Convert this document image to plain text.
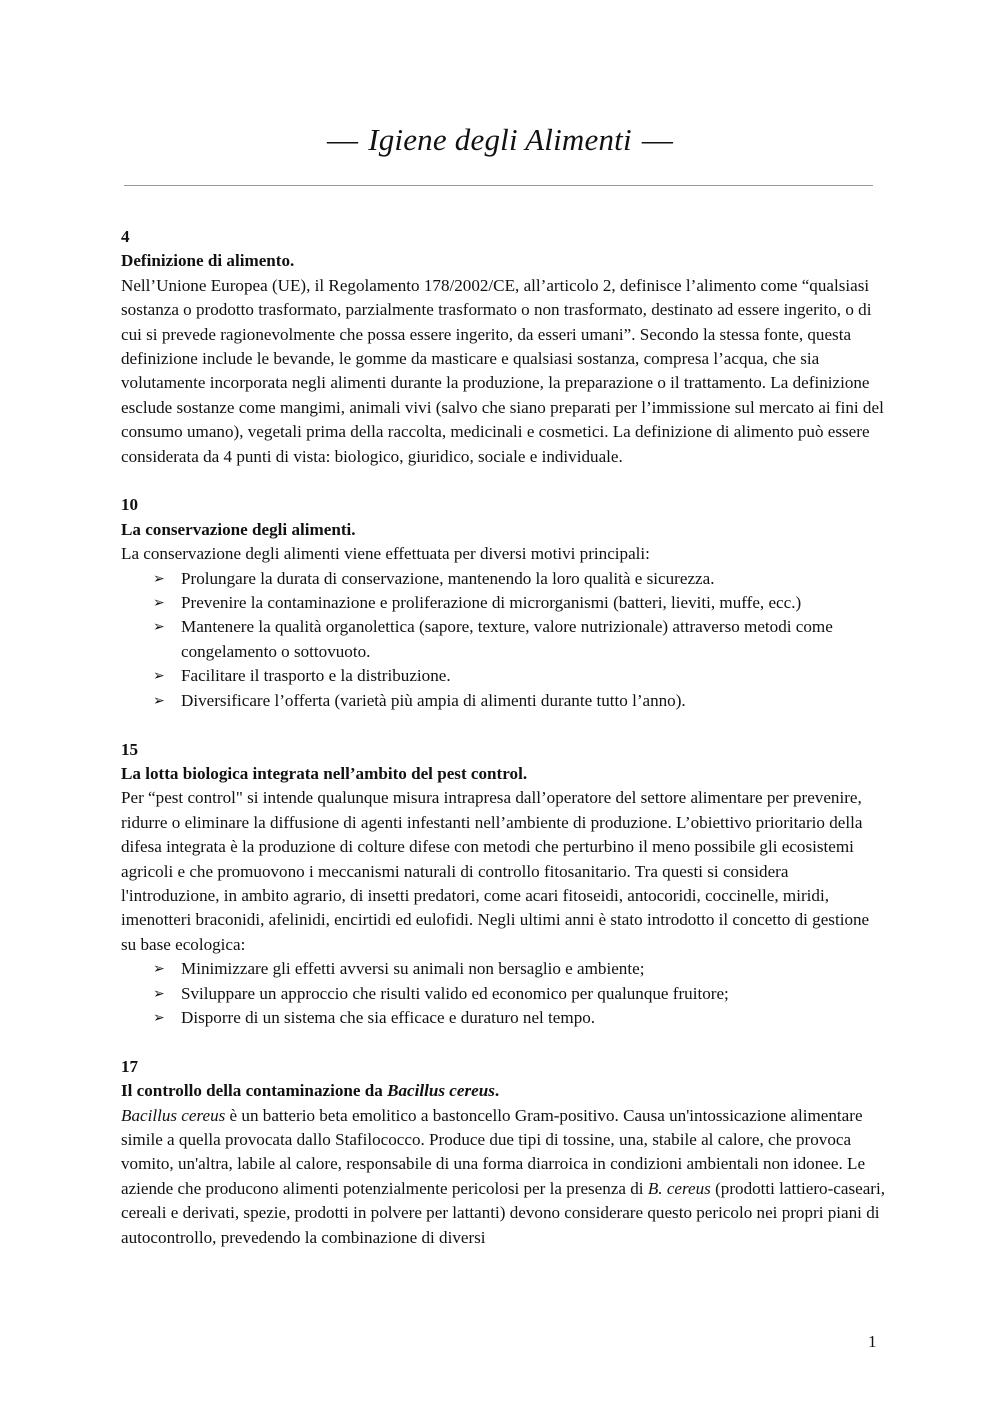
— Igiene degli Alimenti —

4

Definizione di alimento.

Nell’Unione Europea (UE), il Regolamento 178/2002/CE, all’articolo 2, definisce l’alimento come “qualsiasi sostanza o prodotto trasformato, parzialmente trasformato o non trasformato, destinato ad essere ingerito, o di cui si prevede ragionevolmente che possa essere ingerito, da esseri umani”. Secondo la stessa fonte, questa definizione include le bevande, le gomme da masticare e qualsiasi sostanza, compresa l’acqua, che sia volutamente incorporata negli alimenti durante la produzione, la preparazione o il trattamento. La definizione esclude sostanze come mangimi, animali vivi (salvo che siano preparati per l’immissione sul mercato ai fini del consumo umano), vegetali prima della raccolta, medicinali e cosmetici. La definizione di alimento può essere considerata da 4 punti di vista: biologico, giuridico, sociale e individuale.

10

La conservazione degli alimenti.

La conservazione degli alimenti viene effettuata per diversi motivi principali:

➢ Prolungare la durata di conservazione, mantenendo la loro qualità e sicurezza.
➢ Prevenire la contaminazione e proliferazione di microrganismi (batteri, lieviti, muffe, ecc.)
➢ Mantenere la qualità organolettica (sapore, texture, valore nutrizionale) attraverso metodi come congelamento o sottovuoto.
➢ Facilitare il trasporto e la distribuzione.
➢ Diversificare l’offerta (varietà più ampia di alimenti durante tutto l’anno).

15

La lotta biologica integrata nell’ambito del pest control.

Per “pest control" si intende qualunque misura intrapresa dall’operatore del settore alimentare per prevenire, ridurre o eliminare la diffusione di agenti infestanti nell’ambiente di produzione. L’obiettivo prioritario della difesa integrata è la produzione di colture difese con metodi che perturbino il meno possibile gli ecosistemi agricoli e che promuovono i meccanismi naturali di controllo fitosanitario. Tra questi si considera l'introduzione, in ambito agrario, di insetti predatori, come acari fitoseidi, antocoridi, coccinelle, miridi, imenotteri braconidi, afelinidi, encirtidi ed eulofidi. Negli ultimi anni è stato introdotto il concetto di gestione su base ecologica:

➢ Minimizzare gli effetti avversi su animali non bersaglio e ambiente;
➢ Sviluppare un approccio che risulti valido ed economico per qualunque fruitore;
➢ Disporre di un sistema che sia efficace e duraturo nel tempo.

17

Il controllo della contaminazione da Bacillus cereus.

Bacillus cereus è un batterio beta emolitico a bastoncello Gram-positivo. Causa un'intossicazione alimentare simile a quella provocata dallo Stafilococco. Produce due tipi di tossine, una, stabile al calore, che provoca vomito, un'altra, labile al calore, responsabile di una forma diarroica in condizioni ambientali non idonee. Le aziende che producono alimenti potenzialmente pericolosi per la presenza di B. cereus (prodotti lattiero-caseari, cereali e derivati, spezie, prodotti in polvere per lattanti) devono considerare questo pericolo nei propri piani di autocontrollo, prevedendo la combinazione di diversi

1
